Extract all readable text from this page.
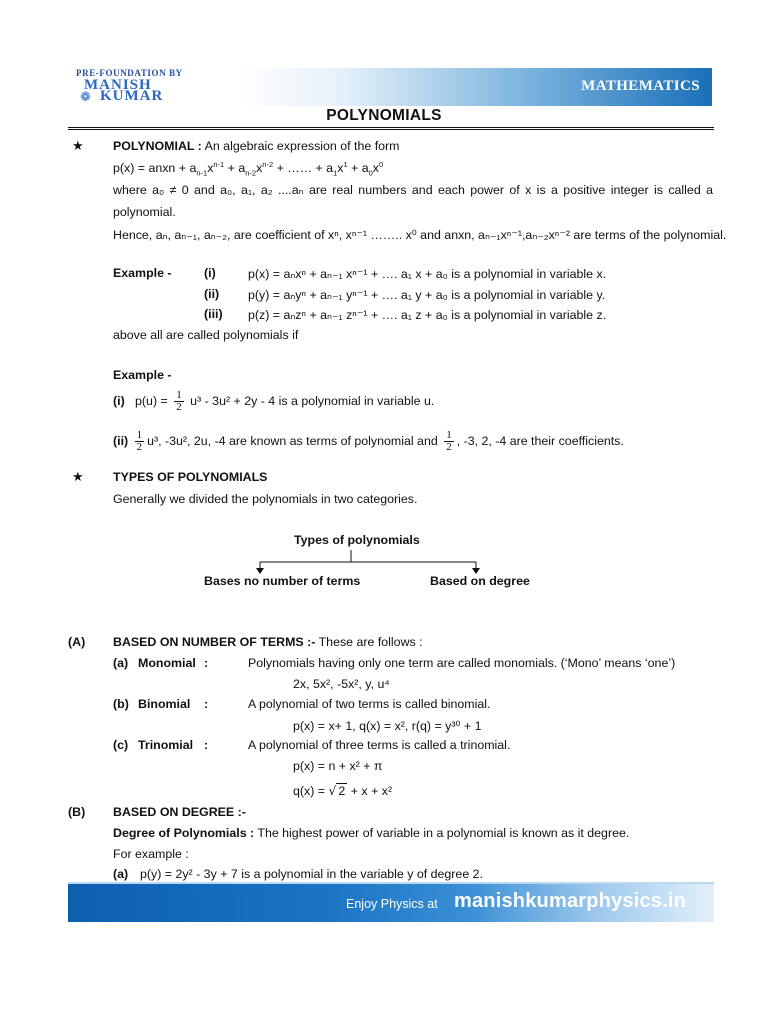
PRE-FOUNDATION BY
MANISH
❁ KUMAR
MATHEMATICS
POLYNOMIALS
★ POLYNOMIAL : An algebraic expression of the form
p(x) = anxn + $a_{n-1}x^{n-1} + a_{n-2}x^{n-2}$ + …… + $a_1x^1 + a_0x^0$
where a₀ ≠ 0 and a₀, a₁, a₂ ....aₙ are real numbers and each power of x is a positive integer is called a
polynomial.
Hence, aₙ, aₙ₋₁, aₙ₋₂, are coefficient of xⁿ, xⁿ⁻¹ …….. x⁰ and anxn, aₙ₋₁xⁿ⁻¹,aₙ₋₂xⁿ⁻² are terms of the polynomial.
Example -	(i)	p(x) = aₙxⁿ + aₙ₋₁ xⁿ⁻¹ + …. a₁ x + a₀ is a polynomial in variable x.
(ii) p(y) = aₙyⁿ + aₙ₋₁ yⁿ⁻¹ + …. a₁ y + a₀ is a polynomial in variable y.
(iii) p(z) = aₙzⁿ + aₙ₋₁ zⁿ⁻¹ + …. a₁ z + a₀ is a polynomial in variable z.
above all are called polynomials if
Example -
(i) $p(u) = \frac{1}{2} u^3 - 3u^2 + 2y - 4$ is a polynomial in variable u.
$(ii) \frac{1}{2} u^3$, -3u², 2u, -4 are known as terms of polynomial and $\frac{1}{2}$ , -3, 2, -4 are their coefficients.
★ TYPES OF POLYNOMIALS
Generally we divided the polynomials in two categories.
Types of polynomials
Bases no number of terms	Based on degree
(A) BASED ON NUMBER OF TERMS :- These are follows :
(a) Monomial :	Polynomials having only one term are called monomials. (‘Mono’ means ‘one’)
2x, 5x², -5x², y, u⁴
(b) Binomial :	A polynomial of two terms is called binomial.
p(x) = x+ 1, q(x) = x², r(q) = y³⁰ + 1
(c) Trinomial :	A polynomial of three terms is called a trinomial.
p(x) = n + x² + π
q(x) = √ 2 + x + x²
(B) BASED ON DEGREE :-
Degree of Polynomials : The highest power of variable in a polynomial is known as it degree.
For example :
(a) p(y) = 2y² - 3y + 7 is a polynomial in the variable y of degree 2.
Enjoy Physics at manishkumarphysics.in
